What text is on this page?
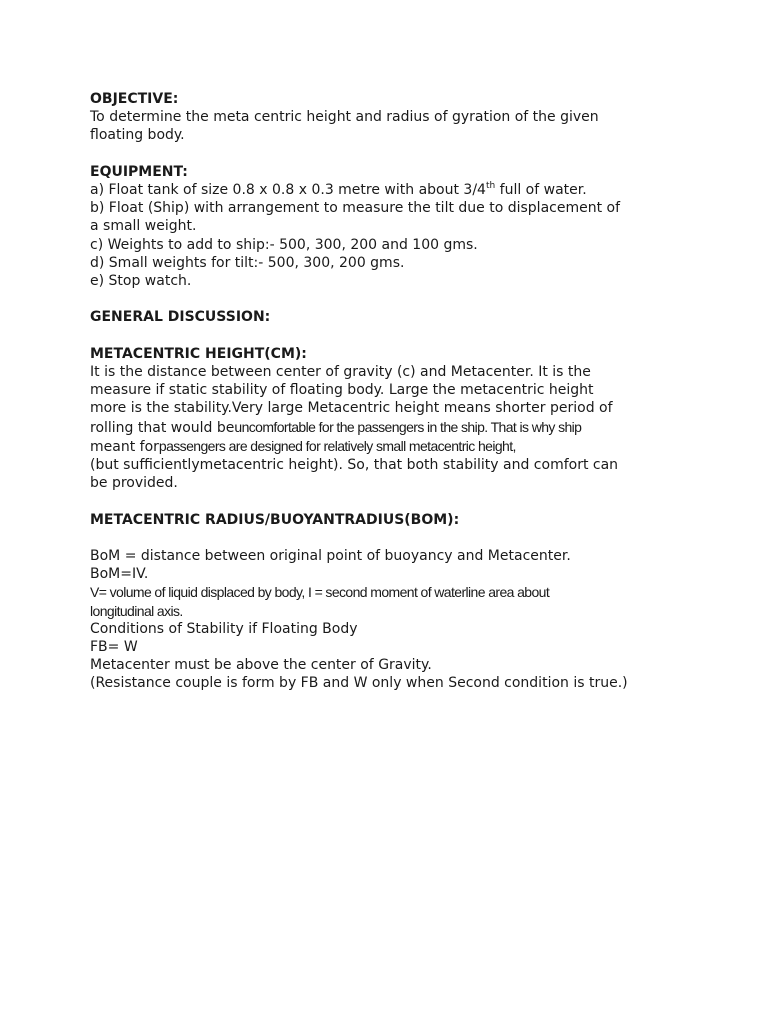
OBJECTIVE:

To determine the meta centric height and radius of gyration of the given

floating body.

EQUIPMENT:

a) Float tank of size 0.8 x 0.8 x 0.3 metre with about 3/4th full of water.

b) Float (Ship) with arrangement to measure the tilt due to displacement of

a small weight.

c) Weights to add to ship:- 500, 300, 200 and 100 gms.

d) Small weights for tilt:- 500, 300, 200 gms.

e) Stop watch.

GENERAL DISCUSSION:

METACENTRIC HEIGHT(CM):

It is the distance between center of gravity (c) and Metacenter. It is the

measure if static stability of floating body. Large the metacentric height

more is the stability.Very large Metacentric height means shorter period of

rolling that would beuncomfortable for the passengers in the ship. That is why ship

meant forpassengers are designed for relatively small metacentric height,

(but sufficientlymetacentric height). So, that both stability and comfort can

be provided.

METACENTRIC RADIUS/BUOYANTRADIUS(BOM):

BoM = distance between original point of buoyancy and Metacenter.

BoM=IV.

V= volume of liquid displaced by body, I = second moment of waterline area about

longitudinal axis.

Conditions of Stability if Floating Body

FB= W

Metacenter must be above the center of Gravity.

(Resistance couple is form by FB and W only when Second condition is true.)
